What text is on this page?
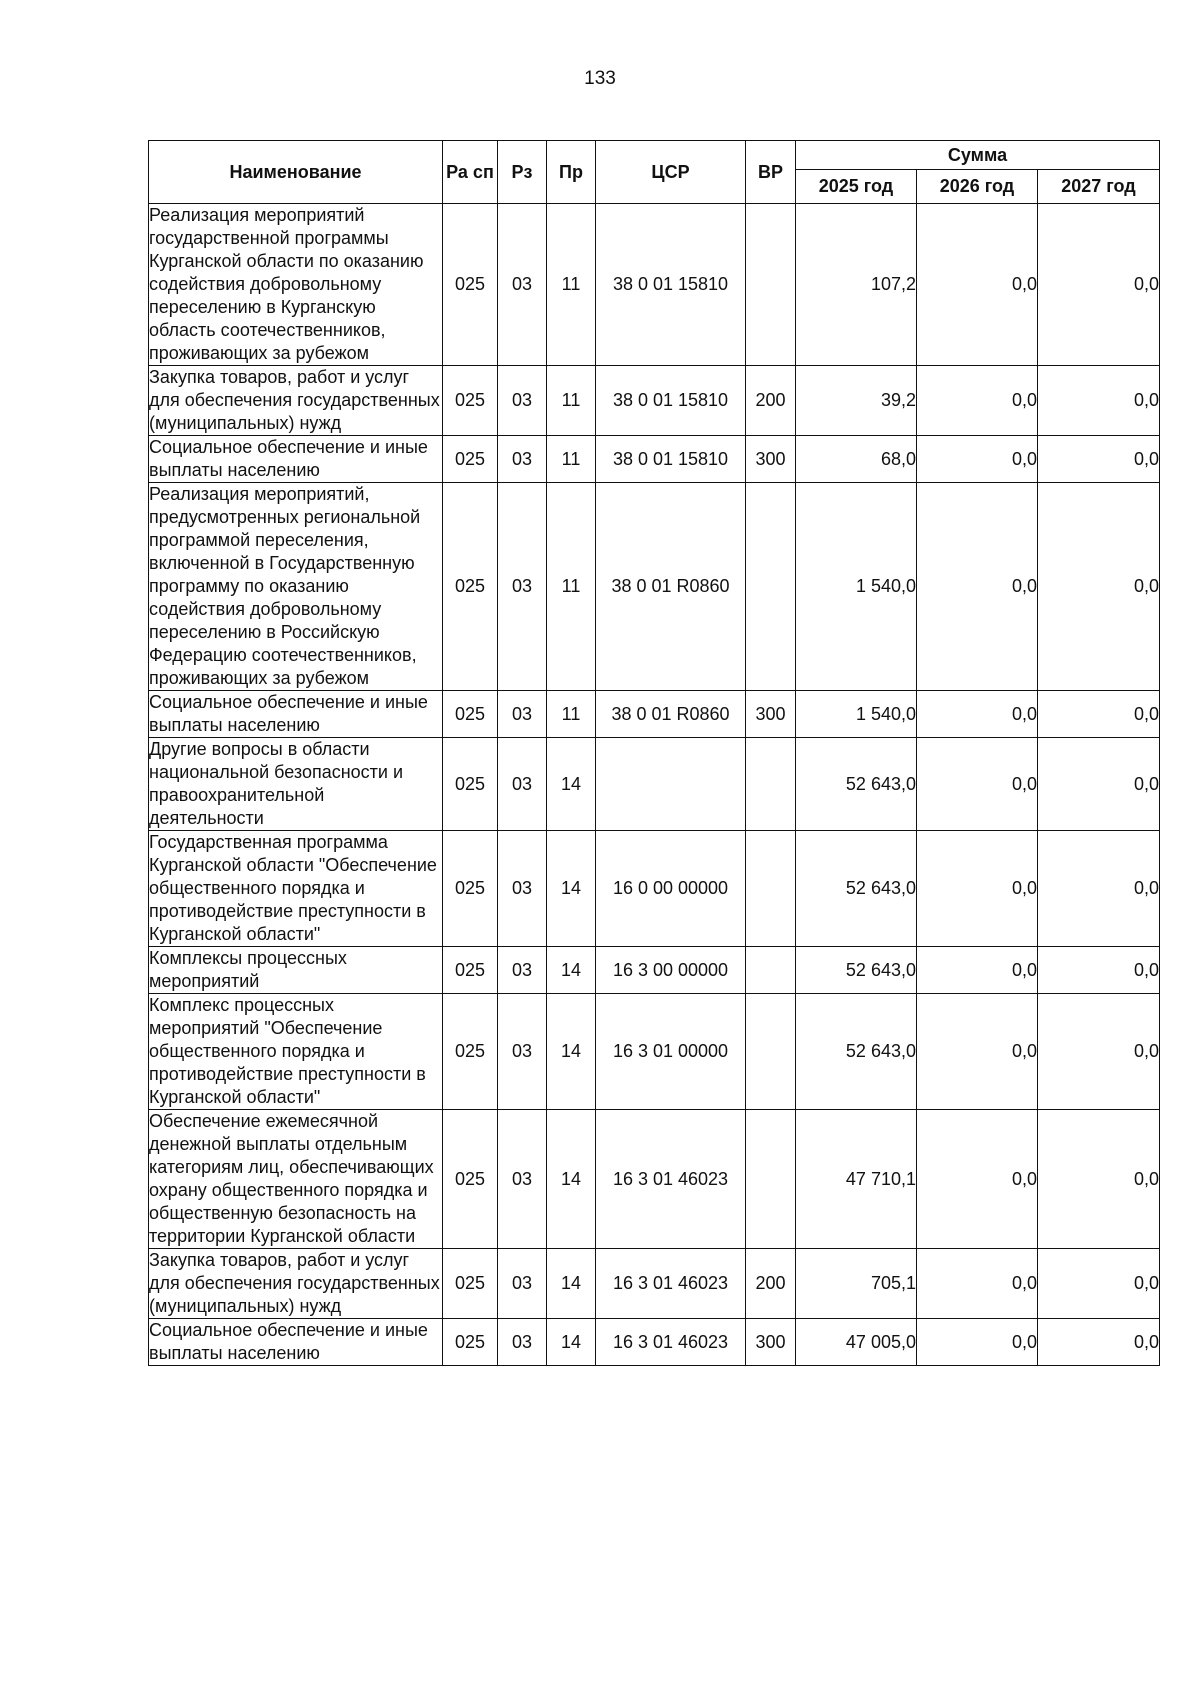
133
Наименование	Ра сп	Рз	Пр	ЦСР	ВР	Сумма		
						2025 год	2026 год	2027 год
Реализация мероприятий государственной программы Курганской области по оказанию содействия добровольному переселению в Курганскую область соотечественников, проживающих за рубежом	025	03	11	38 0 01 15810		107,2	0,0	0,0
Закупка товаров, работ и услуг для обеспечения государственных (муниципальных) нужд	025	03	11	38 0 01 15810	200	39,2	0,0	0,0
Социальное обеспечение и иные выплаты населению	025	03	11	38 0 01 15810	300	68,0	0,0	0,0
Реализация мероприятий, предусмотренных региональной программой переселения, включенной в Государственную программу по оказанию содействия добровольному переселению в Российскую Федерацию соотечественников, проживающих за рубежом	025	03	11	38 0 01 R0860		1 540,0	0,0	0,0
Социальное обеспечение и иные выплаты населению	025	03	11	38 0 01 R0860	300	1 540,0	0,0	0,0
Другие вопросы в области национальной безопасности и правоохранительной деятельности	025	03	14			52 643,0	0,0	0,0
Государственная программа Курганской области "Обеспечение общественного порядка и противодействие преступности в Курганской области"	025	03	14	16 0 00 00000		52 643,0	0,0	0,0
Комплексы процессных мероприятий	025	03	14	16 3 00 00000		52 643,0	0,0	0,0
Комплекс процессных мероприятий "Обеспечение общественного порядка и противодействие преступности в Курганской области"	025	03	14	16 3 01 00000		52 643,0	0,0	0,0
Обеспечение ежемесячной денежной выплаты отдельным категориям лиц, обеспечивающих охрану общественного порядка и общественную безопасность на территории Курганской области	025	03	14	16 3 01 46023		47 710,1	0,0	0,0
Закупка товаров, работ и услуг для обеспечения государственных (муниципальных) нужд	025	03	14	16 3 01 46023	200	705,1	0,0	0,0
Социальное обеспечение и иные выплаты населению	025	03	14	16 3 01 46023	300	47 005,0	0,0	0,0
